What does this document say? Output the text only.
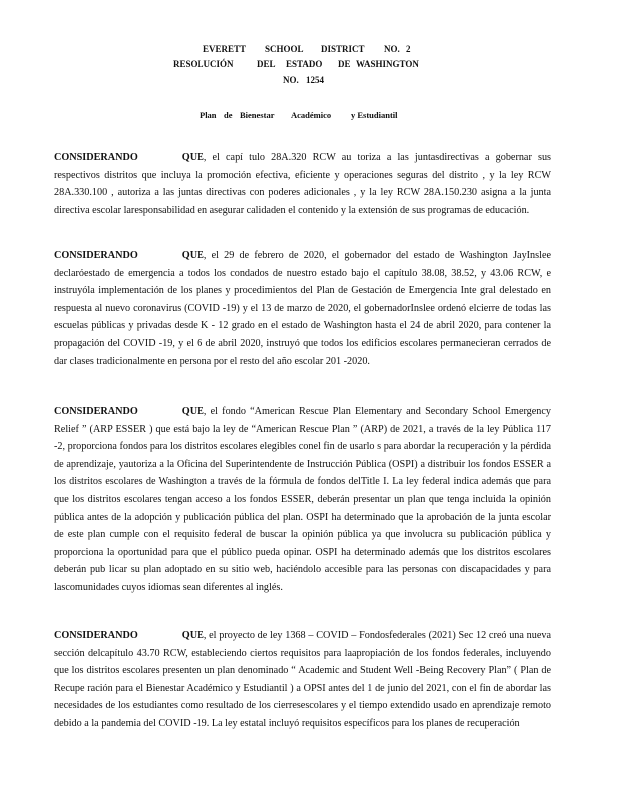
EVERETT SCHOOL DISTRICT NO. 2
RESOLUCIÓN	DEL ESTADO DE WASHINGTON
NO. 1254
Plan de Bienestar Académico y Estudiantil
CONSIDERANDO	QUE, el capí tulo 28A.320 RCW au toriza a las juntasdirectivas a gobernar sus respectivos distritos que incluya la promoción efectiva, eficiente y operaciones seguras del distrito , y la ley RCW 28A.330.100 , autoriza a las juntas directivas con poderes adicionales , y la ley RCW 28A.150.230 asigna a la junta directiva escolar laresponsabilidad en asegurar calidaden el contenido y la extensión de sus programas de educación.
CONSIDERANDO	QUE, el 29 de febrero de 2020, el gobernador del estado de Washington JayInslee declaróestado de emergencia a todos los condados de nuestro estado bajo el capítulo 38.08, 38.52, y 43.06 RCW, e instruyóla implementación de los planes y procedimientos del Plan de Gestación de Emergencia Inte gral delestado en respuesta al nuevo coronavirus (COVID -19) y el 13 de marzo de 2020, el gobernadorInslee ordenó elcierre de todas las escuelas públicas y privadas desde K - 12 grado en el estado de Washington hasta el 24 de abril 2020, para contener la propagación del COVID -19, y el 6 de abril 2020, instruyó que todos los edificios escolares permanecieran cerrados de dar clases tradicionalmente en persona por el resto del año escolar 201 -2020.
CONSIDERANDO	QUE, el fondo “American Rescue Plan Elementary and Secondary School Emergency Relief ” (ARP ESSER ) que está bajo la ley de “American Rescue Plan ” (ARP) de 2021, a través de la ley Pública 117 -2, proporciona fondos para los distritos escolares elegibles conel fin de usarlo s para abordar la recuperación y la pérdida de aprendizaje, yautoriza a la Oficina del Superintendente de Instrucción Pública (OSPI) a distribuir los fondos ESSER a los distritos escolares de Washington a través de la fórmula de fondos delTitle I. La ley federal indica además que para que los distritos escolares tengan acceso a los fondos ESSER, deberán presentar un plan que tenga incluida la opinión pública antes de la adopción y publicación pública del plan. OSPI ha determinado que la aprobación de la junta escolar de este plan cumple con el requisito federal de buscar la opinión pública ya que involucra su publicación pública y proporciona la oportunidad para que el público pueda opinar. OSPI ha determinado además que los distritos escolares deberán pub licar su plan adoptado en su sitio web, haciéndolo accesible para las personas con discapacidades y para lascomunidades cuyos idiomas sean diferentes al inglés.
CONSIDERANDO	QUE, el proyecto de ley 1368 – COVID – Fondosfederales (2021) Sec 12 creó una nueva sección delcapítulo 43.70 RCW, estableciendo ciertos requisitos para laapropiación de los fondos federales, incluyendo que los distritos escolares presenten un plan denominado “ Academic and Student Well -Being Recovery Plan” ( Plan de Recupe ración para el Bienestar Académico y Estudiantil ) a OPSI antes del 1 de junio del 2021, con el fin de abordar las necesidades de los estudiantes como resultado de los cierresescolares y el tiempo extendido usado en aprendizaje remoto debido a la pandemia del COVID -19. La ley estatal incluyó requisitos específicos para los planes de recuperación
